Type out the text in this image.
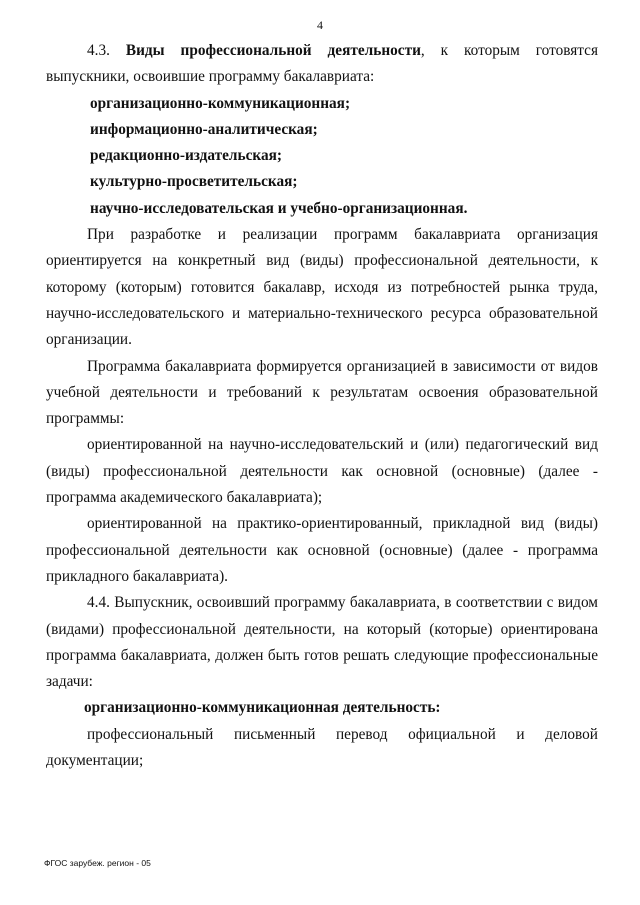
4

4.3. Виды профессиональной деятельности, к которым готовятся выпускники, освоившие программу бакалавриата:

организационно-коммуникационная;

информационно-аналитическая;

редакционно-издательская;

культурно-просветительская;

научно-исследовательская и учебно-организационная.

При разработке и реализации программ бакалавриата организация ориентируется на конкретный вид (виды) профессиональной деятельности, к которому (которым) готовится бакалавр, исходя из потребностей рынка труда, научно-исследовательского и материально-технического ресурса образовательной организации.

Программа бакалавриата формируется организацией в зависимости от видов учебной деятельности и требований к результатам освоения образовательной программы:

ориентированной на научно-исследовательский и (или) педагогический вид (виды) профессиональной деятельности как основной (основные) (далее - программа академического бакалавриата);

ориентированной на практико-ориентированный, прикладной вид (виды) профессиональной деятельности как основной (основные) (далее - программа прикладного бакалавриата).

4.4. Выпускник, освоивший программу бакалавриата, в соответствии с видом (видами) профессиональной деятельности, на который (которые) ориентирована программа бакалавриата, должен быть готов решать следующие профессиональные задачи:

организационно-коммуникационная деятельность:

профессиональный письменный перевод официальной и деловой документации;

ФГОС зарубеж. регион - 05
